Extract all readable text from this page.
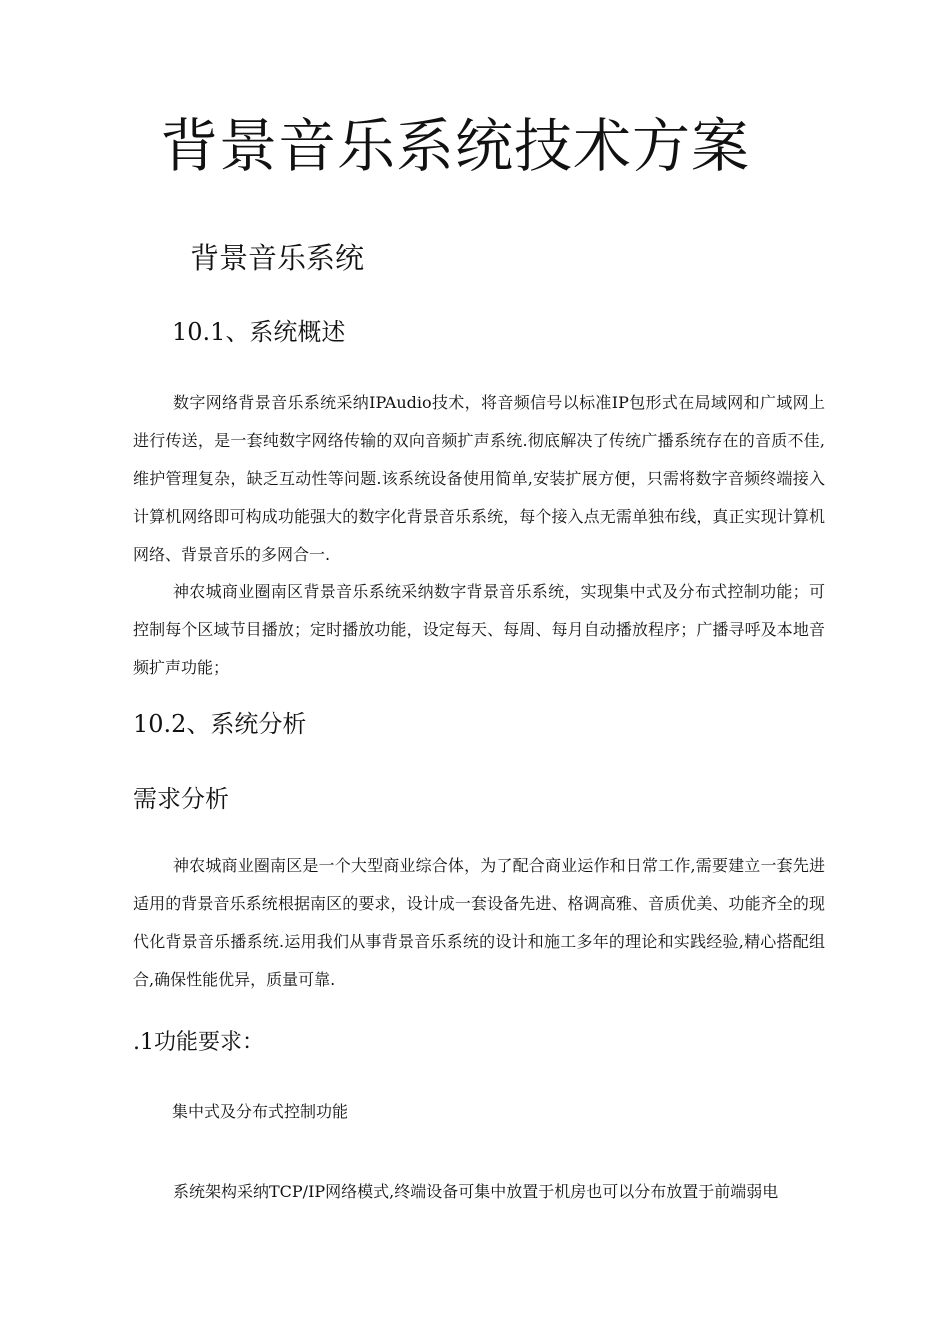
背景音乐系统技术方案
背景音乐系统
10.1、系统概述

数字网络背景音乐系统采纳IPAudio技术，将音频信号以标准IP包形式在局域网和广域网上进行传送，是一套纯数字网络传输的双向音频扩声系统.彻底解决了传统广播系统存在的音质不佳,维护管理复杂，缺乏互动性等问题.该系统设备使用简单,安装扩展方便，只需将数字音频终端接入计算机网络即可构成功能强大的数字化背景音乐系统，每个接入点无需单独布线，真正实现计算机网络、背景音乐的多网合一.

神农城商业圈南区背景音乐系统采纳数字背景音乐系统，实现集中式及分布式控制功能；可控制每个区域节目播放；定时播放功能，设定每天、每周、每月自动播放程序；广播寻呼及本地音频扩声功能；

10.2、系统分析
需求分析

神农城商业圈南区是一个大型商业综合体，为了配合商业运作和日常工作,需要建立一套先进适用的背景音乐系统根据南区的要求，设计成一套设备先进、格调高雅、音质优美、功能齐全的现代化背景音乐播系统.运用我们从事背景音乐系统的设计和施工多年的理论和实践经验,精心搭配组合,确保性能优异，质量可靠.

.1功能要求：

集中式及分布式控制功能

系统架构采纳TCP/IP网络模式,终端设备可集中放置于机房也可以分布放置于前端弱电
